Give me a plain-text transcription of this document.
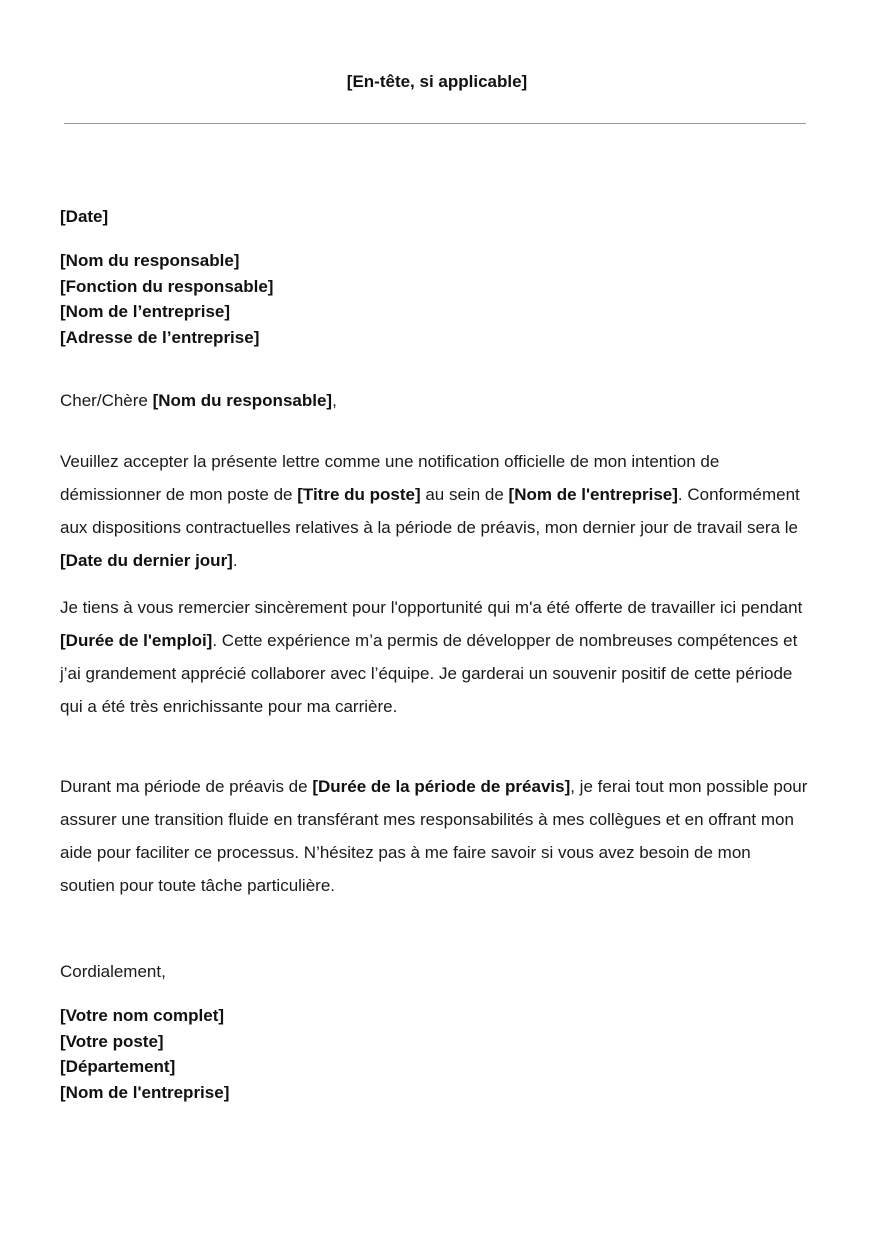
[En-tête, si applicable]
[Date]
[Nom du responsable]
[Fonction du responsable]
[Nom de l’entreprise]
[Adresse de l’entreprise]
Cher/Chère [Nom du responsable],
Veuillez accepter la présente lettre comme une notification officielle de mon intention de démissionner de mon poste de [Titre du poste] au sein de [Nom de l'entreprise]. Conformément aux dispositions contractuelles relatives à la période de préavis, mon dernier jour de travail sera le [Date du dernier jour].
Je tiens à vous remercier sincèrement pour l'opportunité qui m'a été offerte de travailler ici pendant [Durée de l'emploi]. Cette expérience m’a permis de développer de nombreuses compétences et j’ai grandement apprécié collaborer avec l’équipe. Je garderai un souvenir positif de cette période qui a été très enrichissante pour ma carrière.
Durant ma période de préavis de [Durée de la période de préavis], je ferai tout mon possible pour assurer une transition fluide en transférant mes responsabilités à mes collègues et en offrant mon aide pour faciliter ce processus. N’hésitez pas à me faire savoir si vous avez besoin de mon soutien pour toute tâche particulière.
Cordialement,
[Votre nom complet]
[Votre poste]
[Département]
[Nom de l'entreprise]
